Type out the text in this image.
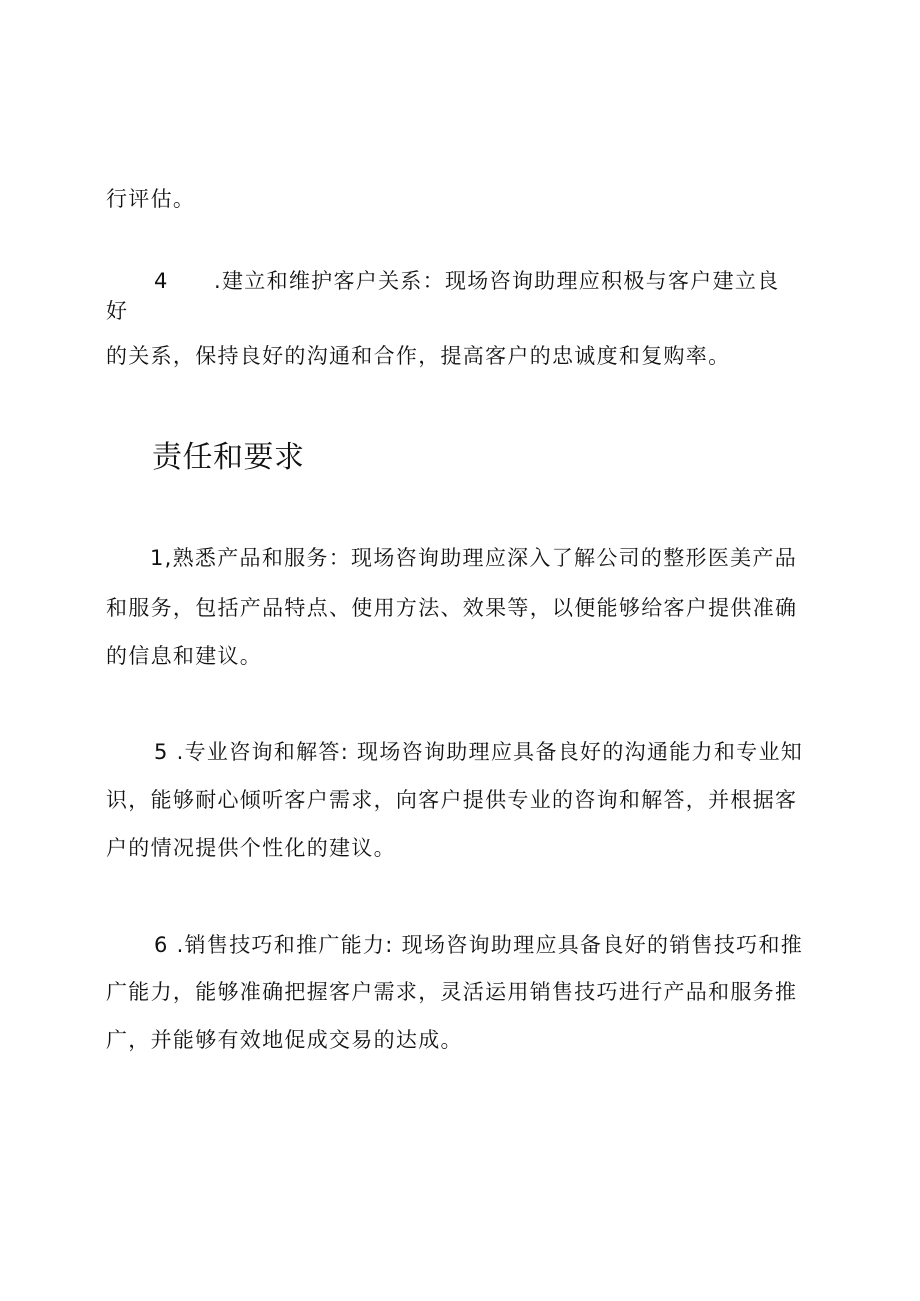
行评估。
4 .建立和维护客户关系：现场咨询助理应积极与客户建立良
好
的关系，保持良好的沟通和合作，提高客户的忠诚度和复购率。
责任和要求
1,熟悉产品和服务：现场咨询助理应深入了解公司的整形医美产品
和服务，包括产品特点、使用方法、效果等，以便能够给客户提供准确
的信息和建议。
5 .专业咨询和解答: 现场咨询助理应具备良好的沟通能力和专业知
识，能够耐心倾听客户需求，向客户提供专业的咨询和解答，并根据客
户的情况提供个性化的建议。
6 .销售技巧和推广能力: 现场咨询助理应具备良好的销售技巧和推
广能力，能够准确把握客户需求，灵活运用销售技巧进行产品和服务推
广，并能够有效地促成交易的达成。
